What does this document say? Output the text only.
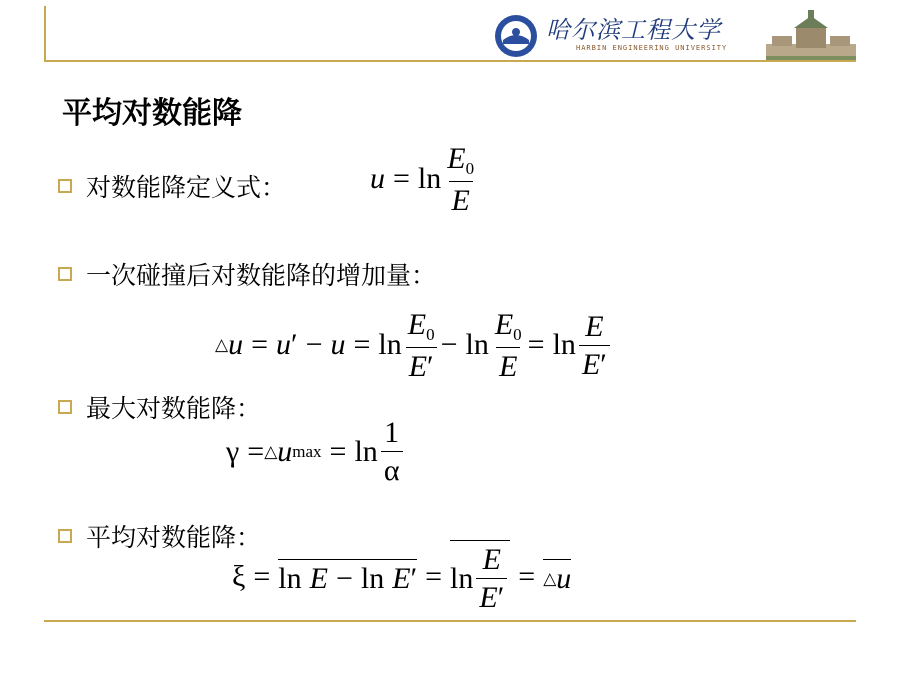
哈尔滨工程大学
HARBIN ENGINEERING UNIVERSITY
平均对数能降
对数能降定义式：	$u = \ln \frac{E_0}{E}$
一次碰撞后对数能降的增加量：
△ u = u ′ − $u = \ln \frac{E_0}{E'} - \ln \frac{E_0}{E} = \ln \frac{E}{E'}$
最大对数能降：
γ = △ u $\max = \ln \frac{1}{\alpha}$
平均对数能降：
ξ = ln E − ln E ′ = $\ln \frac{E}{E'}$ = △ u
